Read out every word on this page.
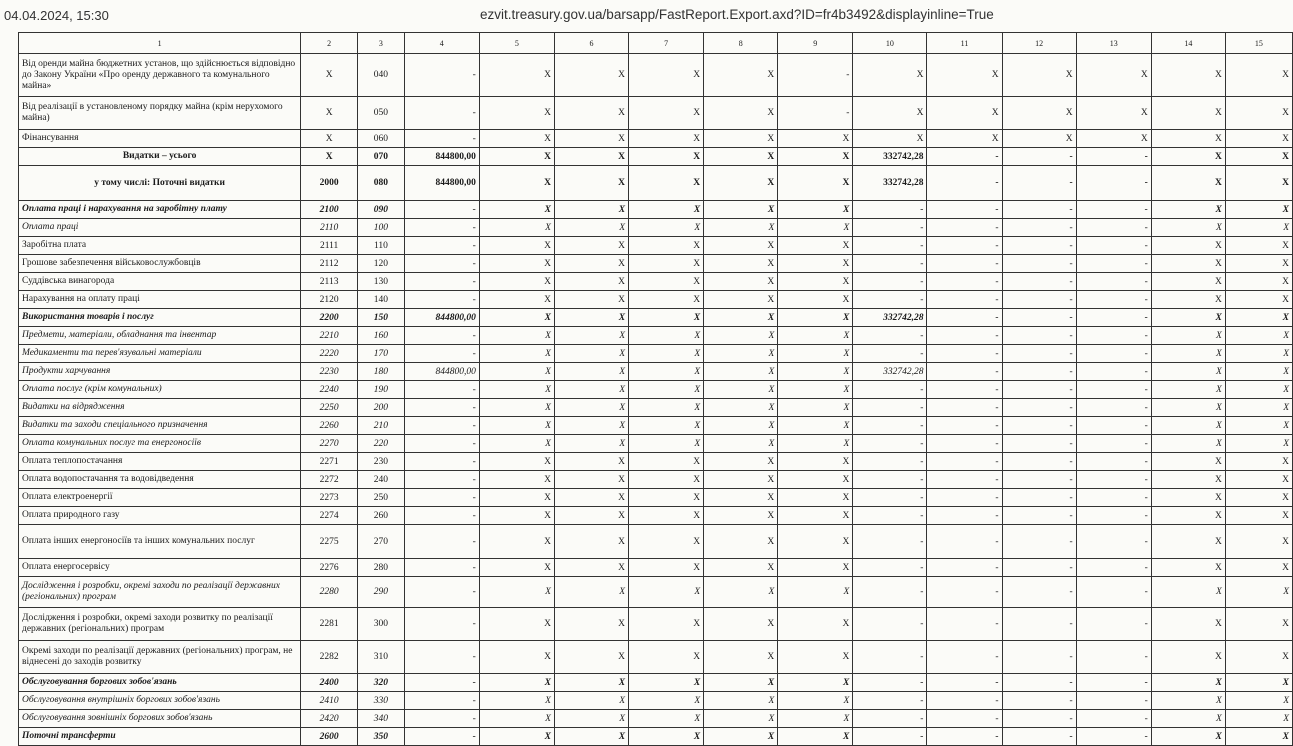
04.04.2024, 15:30	ezvit.treasury.gov.ua/barsapp/FastReport.Export.axd?ID=fr4b3492&displayinline=True
1	2	3	4	5	6	7	8	9	10	11	12	13	14	15
Від оренди майна бюджетних установ, що здійснюється відповідно до Закону України «Про оренду державного та комунального майна»	X	040	-	X	X	X	X	-	X	X	X	X	X	X
Від реалізації в установленому порядку майна (крім нерухомого майна)	X	050	-	X	X	X	X	-	X	X	X	X	X	X
Фінансування	X	060	-	X	X	X	X	X	X	X	X	X	X	X
Видатки – усього	X	070	844800,00	X	X	X	X	X	332742,28	-	-	-	X	X
у тому числі: Поточні видатки	2000	080	844800,00	X	X	X	X	X	332742,28	-	-	-	X	X
Оплата праці і нарахування на заробітну плату	2100	090	-	X	X	X	X	X	-	-	-	-	X	X
Оплата праці	2110	100	-	X	X	X	X	X	-	-	-	-	X	X
Заробітна плата	2111	110	-	X	X	X	X	X	-	-	-	-	X	X
Грошове забезпечення військовослужбовців	2112	120	-	X	X	X	X	X	-	-	-	-	X	X
Суддівська винагорода	2113	130	-	X	X	X	X	X	-	-	-	-	X	X
Нарахування на оплату праці	2120	140	-	X	X	X	X	X	-	-	-	-	X	X
Використання товарів і послуг	2200	150	844800,00	X	X	X	X	X	332742,28	-	-	-	X	X
Предмети, матеріали, обладнання та інвентар	2210	160	-	X	X	X	X	X	-	-	-	-	X	X
Медикаменти та перев'язувальні матеріали	2220	170	-	X	X	X	X	X	-	-	-	-	X	X
Продукти харчування	2230	180	844800,00	X	X	X	X	X	332742,28	-	-	-	X	X
Оплата послуг (крім комунальних)	2240	190	-	X	X	X	X	X	-	-	-	-	X	X
Видатки на відрядження	2250	200	-	X	X	X	X	X	-	-	-	-	X	X
Видатки та заходи спеціального призначення	2260	210	-	X	X	X	X	X	-	-	-	-	X	X
Оплата комунальних послуг та енергоносіїв	2270	220	-	X	X	X	X	X	-	-	-	-	X	X
Оплата теплопостачання	2271	230	-	X	X	X	X	X	-	-	-	-	X	X
Оплата водопостачання та водовідведення	2272	240	-	X	X	X	X	X	-	-	-	-	X	X
Оплата електроенергії	2273	250	-	X	X	X	X	X	-	-	-	-	X	X
Оплата природного газу	2274	260	-	X	X	X	X	X	-	-	-	-	X	X
Оплата інших енергоносіїв та інших комунальних послуг	2275	270	-	X	X	X	X	X	-	-	-	-	X	X
Оплата енергосервісу	2276	280	-	X	X	X	X	X	-	-	-	-	X	X
Дослідження і розробки, окремі заходи по реалізації державних (регіональних) програм	2280	290	-	X	X	X	X	X	-	-	-	-	X	X
Дослідження і розробки, окремі заходи розвитку по реалізації державних (регіональних) програм	2281	300	-	X	X	X	X	X	-	-	-	-	X	X
Окремі заходи по реалізації державних (регіональних) програм, не віднесені до заходів розвитку	2282	310	-	X	X	X	X	X	-	-	-	-	X	X
Обслуговування боргових зобов'язань	2400	320	-	X	X	X	X	X	-	-	-	-	X	X
Обслуговування внутрішніх боргових зобов'язань	2410	330	-	X	X	X	X	X	-	-	-	-	X	X
Обслуговування зовнішніх боргових зобов'язань	2420	340	-	X	X	X	X	X	-	-	-	-	X	X
Поточні трансферти	2600	350	-	X	X	X	X	X	-	-	-	-	X	X
